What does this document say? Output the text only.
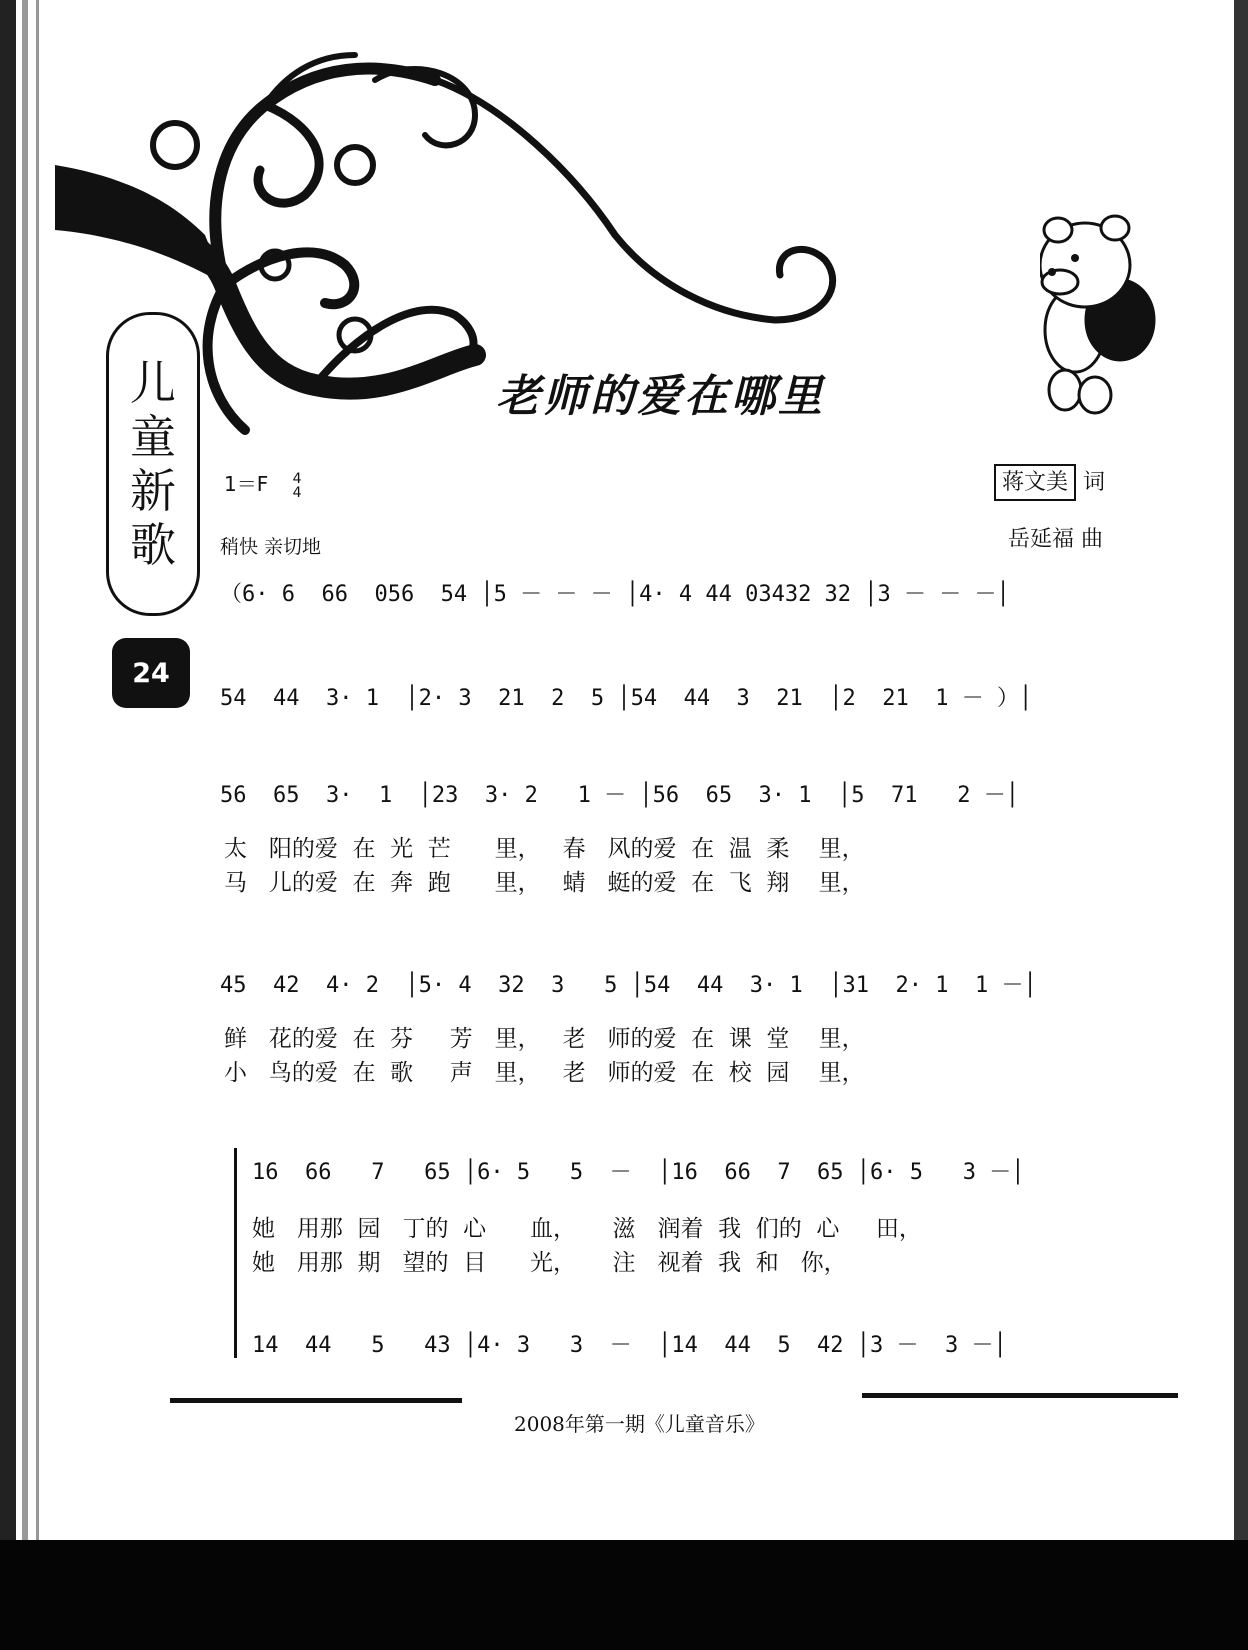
儿
童
新
歌
24
老师的爱在哪里
1＝F 4
4
稍快 亲切地
蒋文美 词
岳延福 曲
（6· 6  66  056  54 │5 － － － │4· 4 44 03432 32 │3 － － －│
54  44  3· 1  │2· 3  21  2  5 │54  44  3  21  │2  21  1 － ）│
56  65  3·  1  │23  3· 2   1 － │56  65  3· 1  │5  71   2 －│
太   阳的爱  在  光  芒      里，   春   风的爱  在  温  柔    里，
马   儿的爱  在  奔  跑      里，   蜻   蜓的爱  在  飞  翔    里，
45  42  4· 2  │5· 4  32  3   5 │54  44  3· 1  │31  2· 1  1 －│
鲜   花的爱  在  芬     芳   里，   老   师的爱  在  课  堂    里，
小   鸟的爱  在  歌     声   里，   老   师的爱  在  校  园    里，
16  66   7   65 │6· 5   5  －  │16  66  7  65 │6· 5   3 －│
她   用那  园   丁的  心      血，     滋   润着  我  们的  心     田，
她   用那  期   望的  目      光，     注   视着  我  和   你，
14  44   5   43 │4· 3   3  －  │14  44  5  42 │3 －  3 －│
2008年第一期《儿童音乐》
